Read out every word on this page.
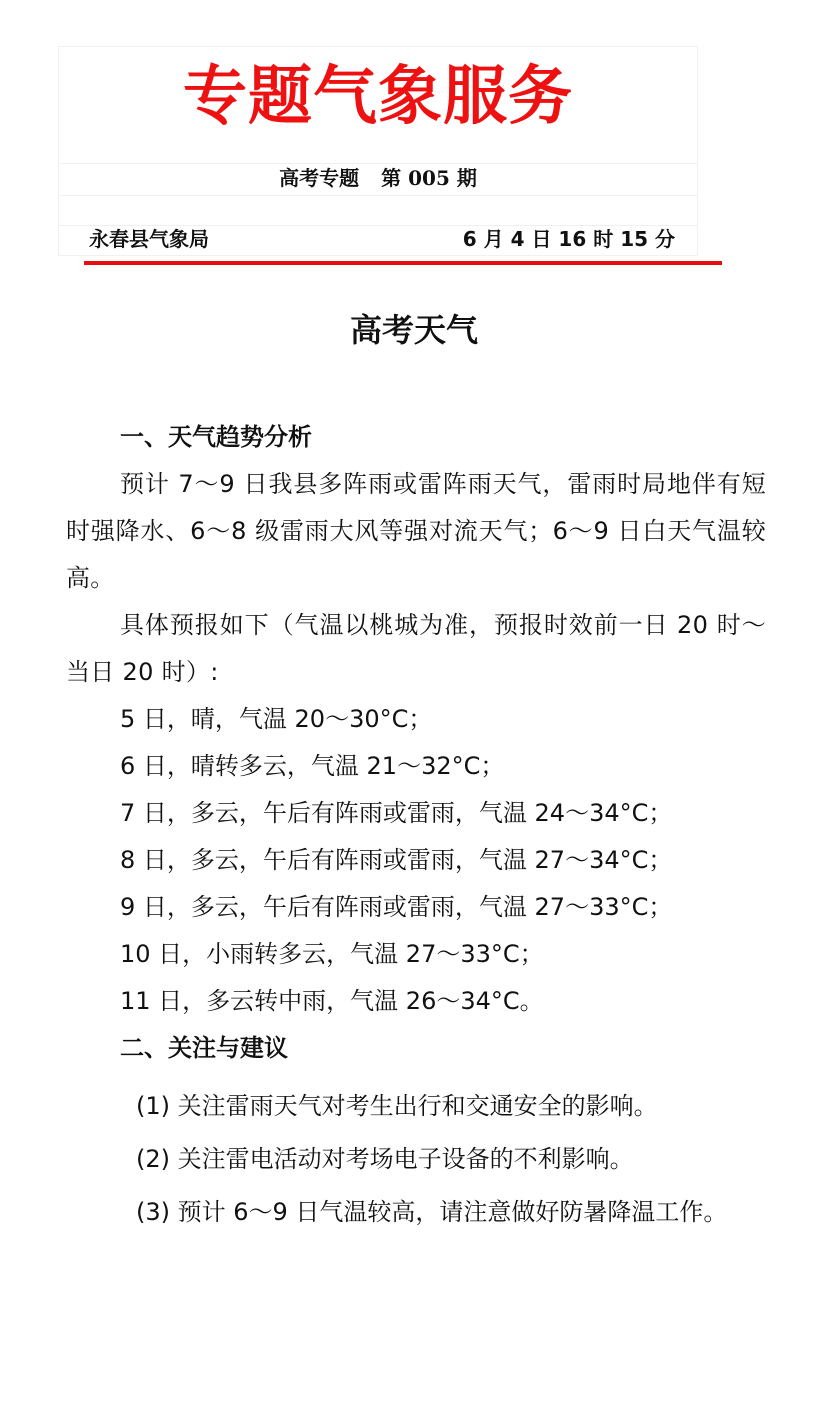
专题气象服务
高考专题 第 005 期
永春县气象局	6 月 4 日 16 时 15 分
高考天气

一、天气趋势分析

预计 7～9 日我县多阵雨或雷阵雨天气，雷雨时局地伴有短时强降水、6～8 级雷雨大风等强对流天气；6～9 日白天气温较高。

具体预报如下（气温以桃城为准，预报时效前一日 20 时～当日 20 时）:

5 日，晴，气温 20～30°C；
6 日，晴转多云，气温 21～32°C；
7 日，多云，午后有阵雨或雷雨，气温 24～34°C；
8 日，多云，午后有阵雨或雷雨，气温 27～34°C；
9 日，多云，午后有阵雨或雷雨，气温 27～33°C；
10 日，小雨转多云，气温 27～33°C；
11 日，多云转中雨，气温 26～34°C。

二、关注与建议

(1) 关注雷雨天气对考生出行和交通安全的影响。
(2) 关注雷电活动对考场电子设备的不利影响。
(3) 预计 6～9 日气温较高，请注意做好防暑降温工作。
